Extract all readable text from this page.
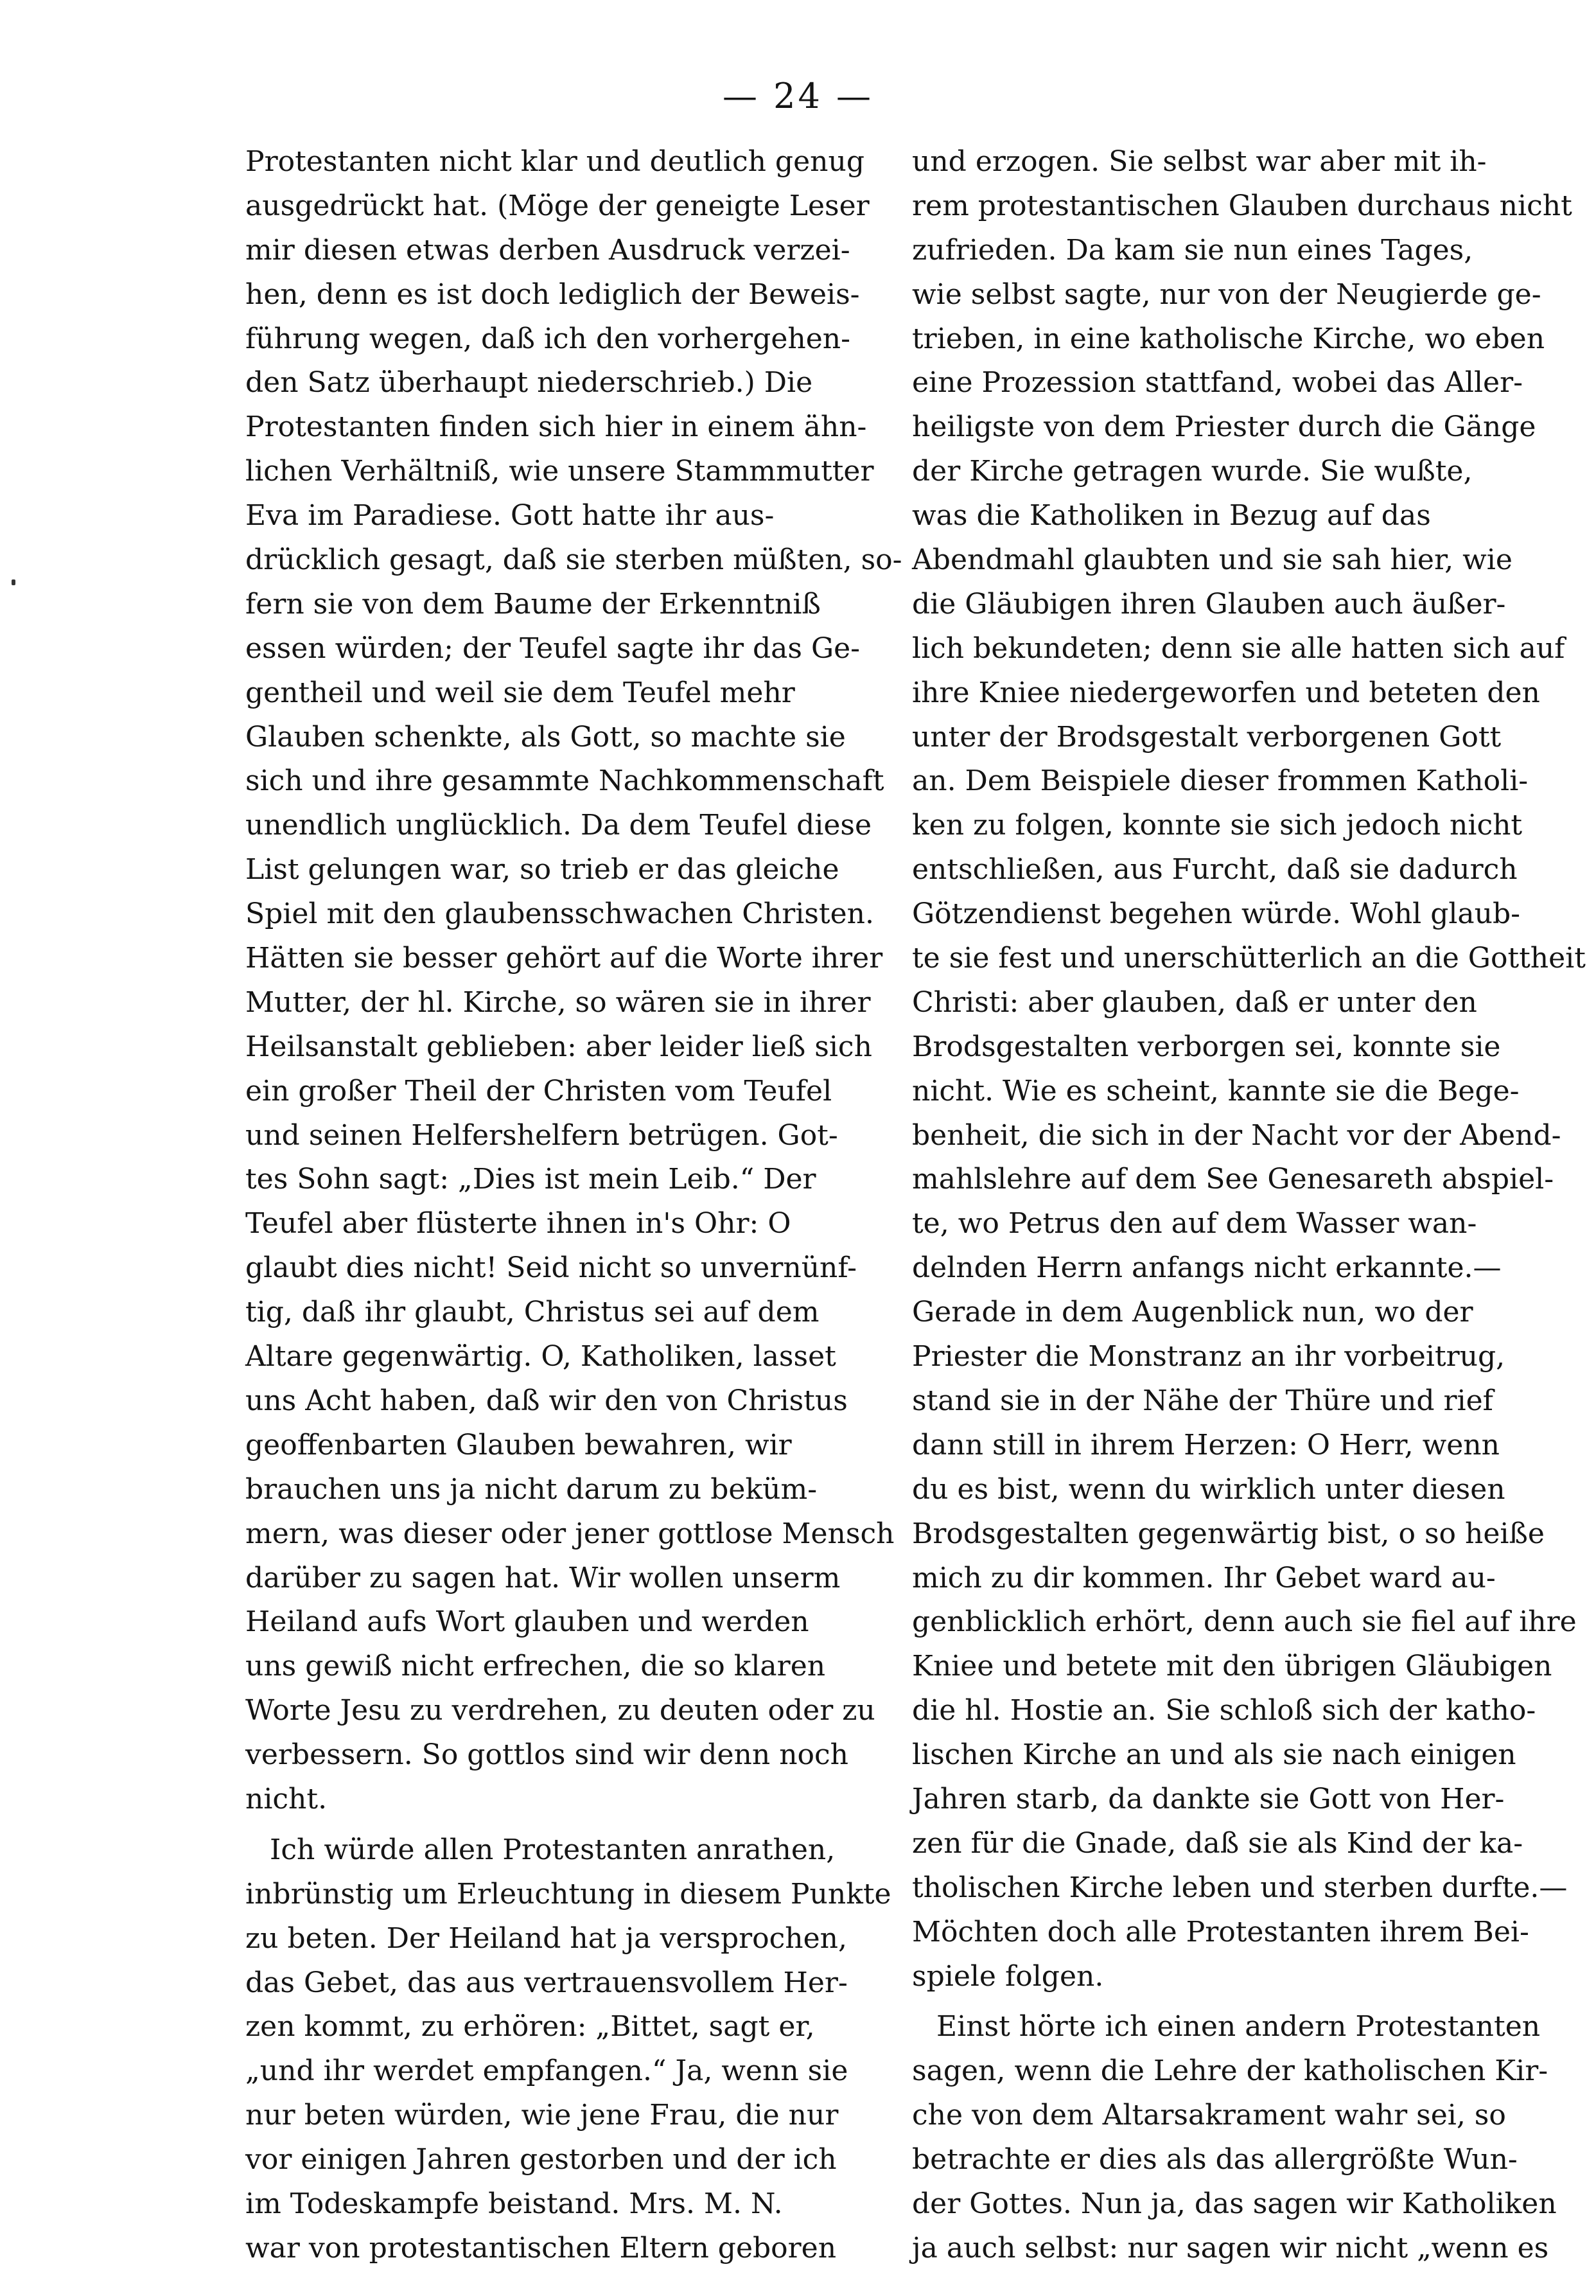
— 24 —
Protestanten nicht klar und deutlich genug
ausgedrückt hat. (Möge der geneigte Leser
mir diesen etwas derben Ausdruck verzei-
hen, denn es ist doch lediglich der Beweis-
führung wegen, daß ich den vorhergehen-
den Satz überhaupt niederschrieb.) Die
Protestanten finden sich hier in einem ähn-
lichen Verhältniß, wie unsere Stammmutter
Eva im Paradiese. Gott hatte ihr aus-
drücklich gesagt, daß sie sterben müßten, so-
fern sie von dem Baume der Erkenntniß
essen würden; der Teufel sagte ihr das Ge-
gentheil und weil sie dem Teufel mehr
Glauben schenkte, als Gott, so machte sie
sich und ihre gesammte Nachkommenschaft
unendlich unglücklich. Da dem Teufel diese
List gelungen war, so trieb er das gleiche
Spiel mit den glaubensschwachen Christen.
Hätten sie besser gehört auf die Worte ihrer
Mutter, der hl. Kirche, so wären sie in ihrer
Heilsanstalt geblieben: aber leider ließ sich
ein großer Theil der Christen vom Teufel
und seinen Helfershelfern betrügen. Got-
tes Sohn sagt: „Dies ist mein Leib.“ Der
Teufel aber flüsterte ihnen in's Ohr: O
glaubt dies nicht! Seid nicht so unvernünf-
tig, daß ihr glaubt, Christus sei auf dem
Altare gegenwärtig. O, Katholiken, lasset
uns Acht haben, daß wir den von Christus
geoffenbarten Glauben bewahren, wir
brauchen uns ja nicht darum zu beküm-
mern, was dieser oder jener gottlose Mensch
darüber zu sagen hat. Wir wollen unserm
Heiland aufs Wort glauben und werden
uns gewiß nicht erfrechen, die so klaren
Worte Jesu zu verdrehen, zu deuten oder zu
verbessern. So gottlos sind wir denn noch
nicht.
Ich würde allen Protestanten anrathen,
inbrünstig um Erleuchtung in diesem Punkte
zu beten. Der Heiland hat ja versprochen,
das Gebet, das aus vertrauensvollem Her-
zen kommt, zu erhören: „Bittet, sagt er,
„und ihr werdet empfangen.“ Ja, wenn sie
nur beten würden, wie jene Frau, die nur
vor einigen Jahren gestorben und der ich
im Todeskampfe beistand. Mrs. M. N.
war von protestantischen Eltern geboren
und erzogen. Sie selbst war aber mit ih-
rem protestantischen Glauben durchaus nicht
zufrieden. Da kam sie nun eines Tages,
wie selbst sagte, nur von der Neugierde ge-
trieben, in eine katholische Kirche, wo eben
eine Prozession stattfand, wobei das Aller-
heiligste von dem Priester durch die Gänge
der Kirche getragen wurde. Sie wußte,
was die Katholiken in Bezug auf das
Abendmahl glaubten und sie sah hier, wie
die Gläubigen ihren Glauben auch äußer-
lich bekundeten; denn sie alle hatten sich auf
ihre Kniee niedergeworfen und beteten den
unter der Brodsgestalt verborgenen Gott
an. Dem Beispiele dieser frommen Katholi-
ken zu folgen, konnte sie sich jedoch nicht
entschließen, aus Furcht, daß sie dadurch
Götzendienst begehen würde. Wohl glaub-
te sie fest und unerschütterlich an die Gottheit
Christi: aber glauben, daß er unter den
Brodsgestalten verborgen sei, konnte sie
nicht. Wie es scheint, kannte sie die Bege-
benheit, die sich in der Nacht vor der Abend-
mahlslehre auf dem See Genesareth abspiel-
te, wo Petrus den auf dem Wasser wan-
delnden Herrn anfangs nicht erkannte.—
Gerade in dem Augenblick nun, wo der
Priester die Monstranz an ihr vorbeitrug,
stand sie in der Nähe der Thüre und rief
dann still in ihrem Herzen: O Herr, wenn
du es bist, wenn du wirklich unter diesen
Brodsgestalten gegenwärtig bist, o so heiße
mich zu dir kommen. Ihr Gebet ward au-
genblicklich erhört, denn auch sie fiel auf ihre
Kniee und betete mit den übrigen Gläubigen
die hl. Hostie an. Sie schloß sich der katho-
lischen Kirche an und als sie nach einigen
Jahren starb, da dankte sie Gott von Her-
zen für die Gnade, daß sie als Kind der ka-
tholischen Kirche leben und sterben durfte.—
Möchten doch alle Protestanten ihrem Bei-
spiele folgen.
Einst hörte ich einen andern Protestanten
sagen, wenn die Lehre der katholischen Kir-
che von dem Altarsakrament wahr sei, so
betrachte er dies als das allergrößte Wun-
der Gottes. Nun ja, das sagen wir Katholiken
ja auch selbst: nur sagen wir nicht „wenn es
